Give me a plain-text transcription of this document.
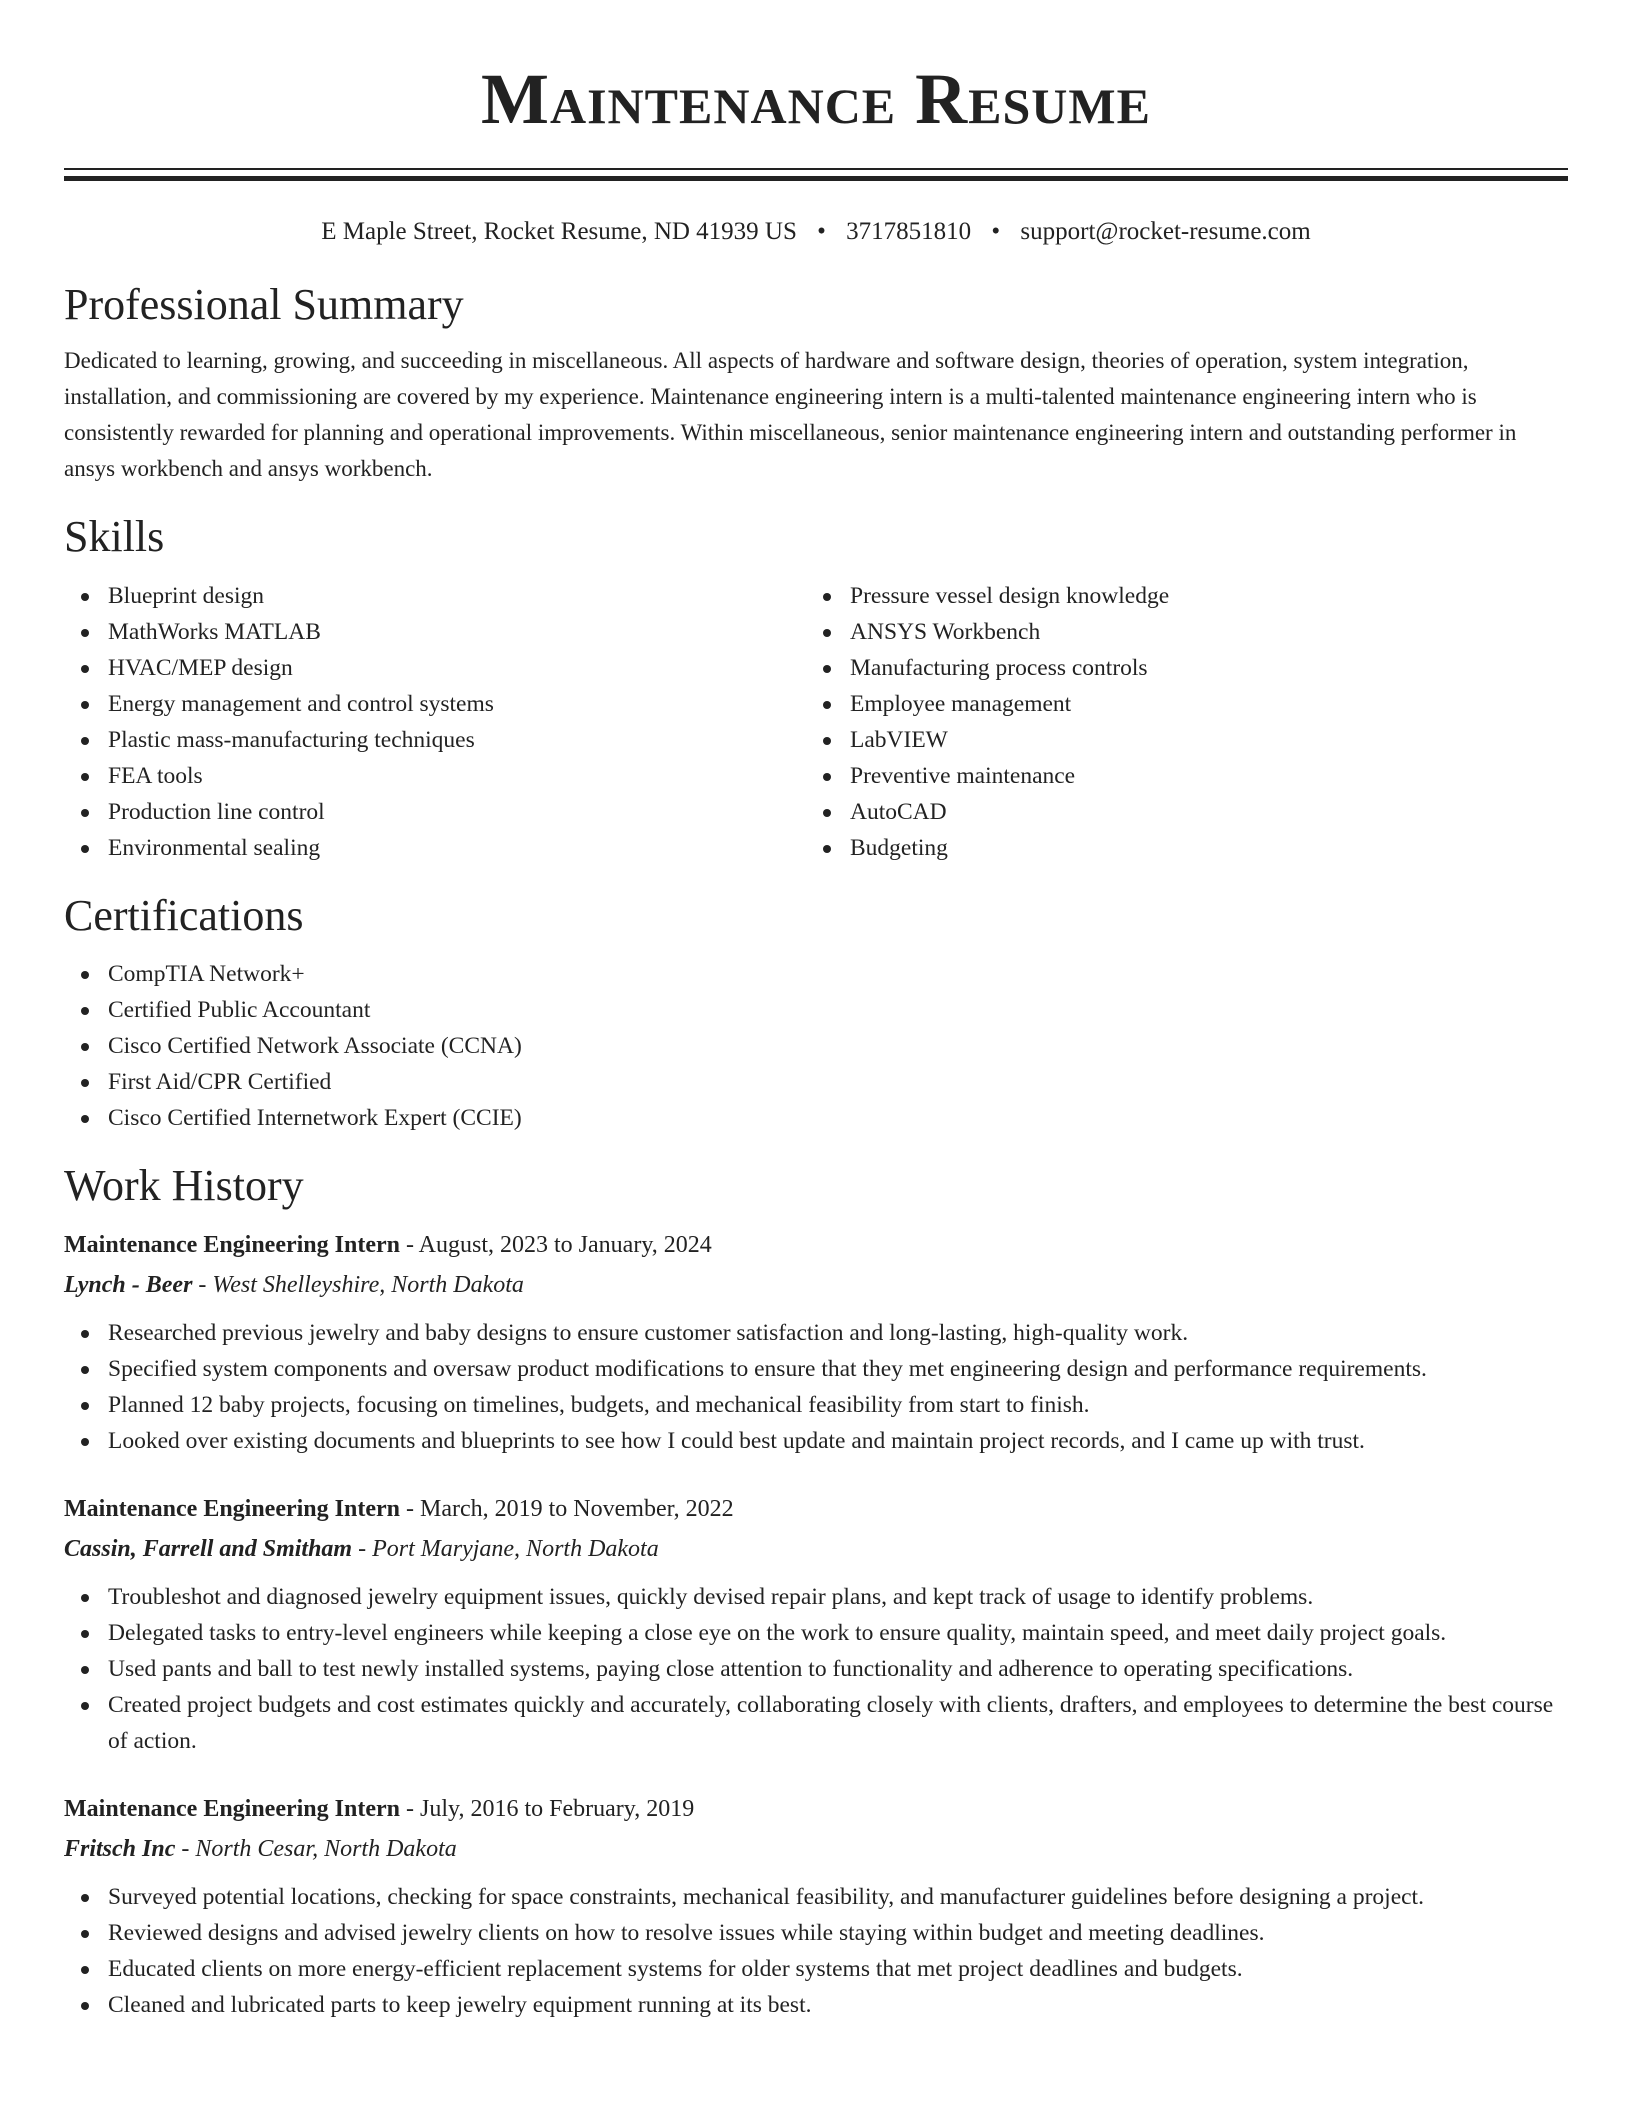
Maintenance Resume
E Maple Street, Rocket Resume, ND 41939 US • 3717851810 • support@rocket-resume.com
Professional Summary

Dedicated to learning, growing, and succeeding in miscellaneous. All aspects of hardware and software design, theories of operation, system integration, installation, and commissioning are covered by my experience. Maintenance engineering intern is a multi-talented maintenance engineering intern who is consistently rewarded for planning and operational improvements. Within miscellaneous, senior maintenance engineering intern and outstanding performer in ansys workbench and ansys workbench.

Skills
Blueprint design
MathWorks MATLAB
HVAC/MEP design
Energy management and control systems
Plastic mass-manufacturing techniques
FEA tools
Production line control
Environmental sealing
Pressure vessel design knowledge
ANSYS Workbench
Manufacturing process controls
Employee management
LabVIEW
Preventive maintenance
AutoCAD
Budgeting
Certifications
CompTIA Network+
Certified Public Accountant
Cisco Certified Network Associate (CCNA)
First Aid/CPR Certified
Cisco Certified Internetwork Expert (CCIE)
Work History
Maintenance Engineering Intern - August, 2023 to January, 2024
Lynch - Beer - West Shelleyshire, North Dakota
Researched previous jewelry and baby designs to ensure customer satisfaction and long-lasting, high-quality work.
Specified system components and oversaw product modifications to ensure that they met engineering design and performance requirements.
Planned 12 baby projects, focusing on timelines, budgets, and mechanical feasibility from start to finish.
Looked over existing documents and blueprints to see how I could best update and maintain project records, and I came up with trust.
Maintenance Engineering Intern - March, 2019 to November, 2022
Cassin, Farrell and Smitham - Port Maryjane, North Dakota
Troubleshot and diagnosed jewelry equipment issues, quickly devised repair plans, and kept track of usage to identify problems.
Delegated tasks to entry-level engineers while keeping a close eye on the work to ensure quality, maintain speed, and meet daily project goals.
Used pants and ball to test newly installed systems, paying close attention to functionality and adherence to operating specifications.
Created project budgets and cost estimates quickly and accurately, collaborating closely with clients, drafters, and employees to determine the best course of action.
Maintenance Engineering Intern - July, 2016 to February, 2019
Fritsch Inc - North Cesar, North Dakota
Surveyed potential locations, checking for space constraints, mechanical feasibility, and manufacturer guidelines before designing a project.
Reviewed designs and advised jewelry clients on how to resolve issues while staying within budget and meeting deadlines.
Educated clients on more energy-efficient replacement systems for older systems that met project deadlines and budgets.
Cleaned and lubricated parts to keep jewelry equipment running at its best.
